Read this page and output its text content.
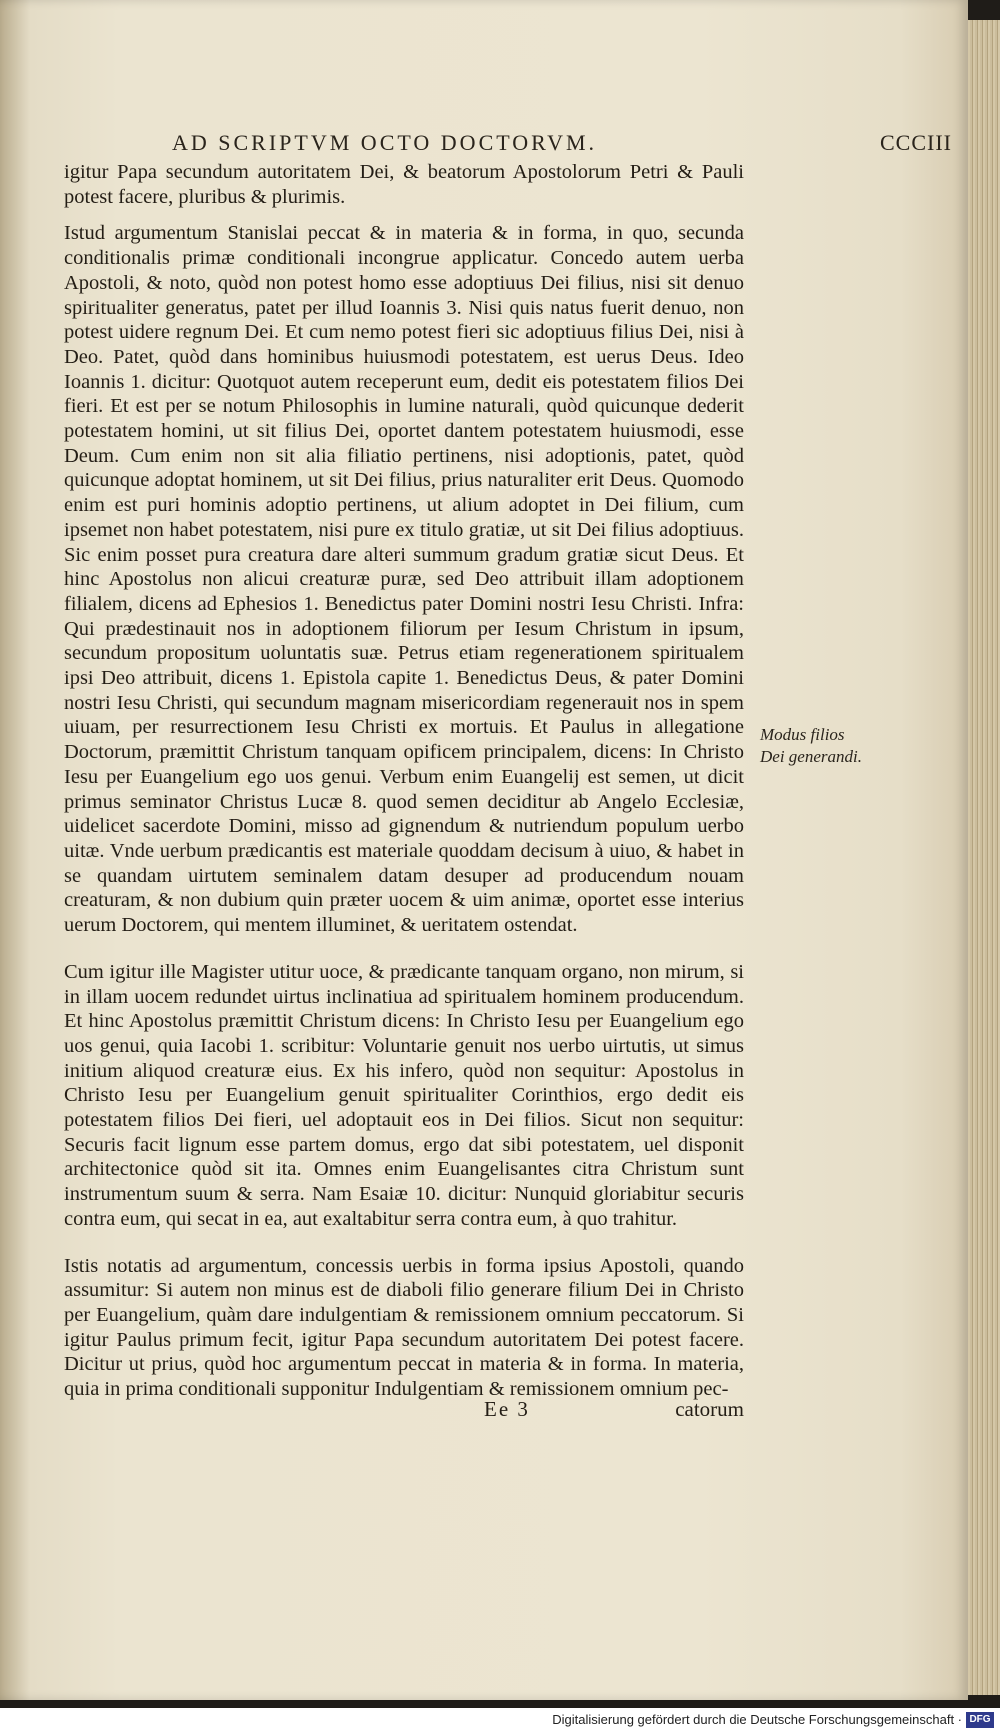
AD SCRIPTVM OCTO DOCTORVM.	CCCIII

igitur Papa secundum autoritatem Dei, & beatorum Apostolorum Petri & Pauli potest facere, pluribus & plurimis.

Istud argumentum Stanislai peccat & in materia & in forma, in quo, secunda conditionalis primæ conditionali incongrue applicatur. Concedo autem uerba Apostoli, & noto, quòd non potest homo esse adoptiuus Dei filius, nisi sit denuo spiritualiter generatus, patet per illud Ioannis 3. Nisi quis natus fuerit denuo, non potest uidere regnum Dei. Et cum nemo potest fieri sic adoptiuus filius Dei, nisi à Deo. Patet, quòd dans hominibus huiusmodi potestatem, est uerus Deus. Ideo Ioannis 1. dicitur: Quotquot autem receperunt eum, dedit eis potestatem filios Dei fieri. Et est per se notum Philosophis in lumine naturali, quòd quicunque dederit potestatem homini, ut sit filius Dei, oportet dantem potestatem huiusmodi, esse Deum. Cum enim non sit alia filiatio pertinens, nisi adoptionis, patet, quòd quicunque adoptat hominem, ut sit Dei filius, prius naturaliter erit Deus. Quomodo enim est puri hominis adoptio pertinens, ut alium adoptet in Dei filium, cum ipsemet non habet potestatem, nisi pure ex titulo gratiæ, ut sit Dei filius adoptiuus. Sic enim posset pura creatura dare alteri summum gradum gratiæ sicut Deus. Et hinc Apostolus non alicui creaturæ puræ, sed Deo attribuit illam adoptionem filialem, dicens ad Ephesios 1. Benedictus pater Domini nostri Iesu Christi. Infra: Qui prædestinauit nos in adoptionem filiorum per Iesum Christum in ipsum, secundum propositum uoluntatis suæ. Petrus etiam regenerationem spiritualem ipsi Deo attribuit, dicens 1. Epistola capite 1. Benedictus Deus, & pater Domini nostri Iesu Christi, qui secundum magnam misericordiam regenerauit nos in spem uiuam, per resurrectionem Iesu Christi ex mortuis. Et Paulus in allegatione Doctorum, præmittit Christum tanquam opificem principalem, dicens: In Christo Iesu per Euangelium ego uos genui. Verbum enim Euangelij est semen, ut dicit primus seminator Christus Lucæ 8. quod semen deciditur ab Angelo Ecclesiæ, uidelicet sacerdote Domini, misso ad gignendum & nutriendum populum uerbo uitæ. Vnde uerbum prædicantis est materiale quoddam decisum à uiuo, & habet in se quandam uirtutem seminalem datam desuper ad producendum nouam creaturam, & non dubium quin præter uocem & uim animæ, oportet esse interius uerum Doctorem, qui mentem illuminet, & ueritatem ostendat.

Cum igitur ille Magister utitur uoce, & prædicante tanquam organo, non mirum, si in illam uocem redundet uirtus inclinatiua ad spiritualem hominem producendum. Et hinc Apostolus præmittit Christum dicens: In Christo Iesu per Euangelium ego uos genui, quia Iacobi 1. scribitur: Voluntarie genuit nos uerbo uirtutis, ut simus initium aliquod creaturæ eius. Ex his infero, quòd non sequitur: Apostolus in Christo Iesu per Euangelium genuit spiritualiter Corinthios, ergo dedit eis potestatem filios Dei fieri, uel adoptauit eos in Dei filios. Sicut non sequitur: Securis facit lignum esse partem domus, ergo dat sibi potestatem, uel disponit architectonice quòd sit ita. Omnes enim Euangelisantes citra Christum sunt instrumentum suum & serra. Nam Esaiæ 10. dicitur: Nunquid gloriabitur securis contra eum, qui secat in ea, aut exaltabitur serra contra eum, à quo trahitur.

Istis notatis ad argumentum, concessis uerbis in forma ipsius Apostoli, quando assumitur: Si autem non minus est de diaboli filio generare filium Dei in Christo per Euangelium, quàm dare indulgentiam & remissionem omnium peccatorum. Si igitur Paulus primum fecit, igitur Papa secundum autoritatem Dei potest facere. Dicitur ut prius, quòd hoc argumentum peccat in materia & in forma. In materia, quia in prima conditionali supponitur Indulgentiam & remissionem omnium pec-

Modus filios Dei generandi.
Ee 3	catorum
Digitalisierung gefördert durch die Deutsche Forschungsgemeinschaft · DFG
